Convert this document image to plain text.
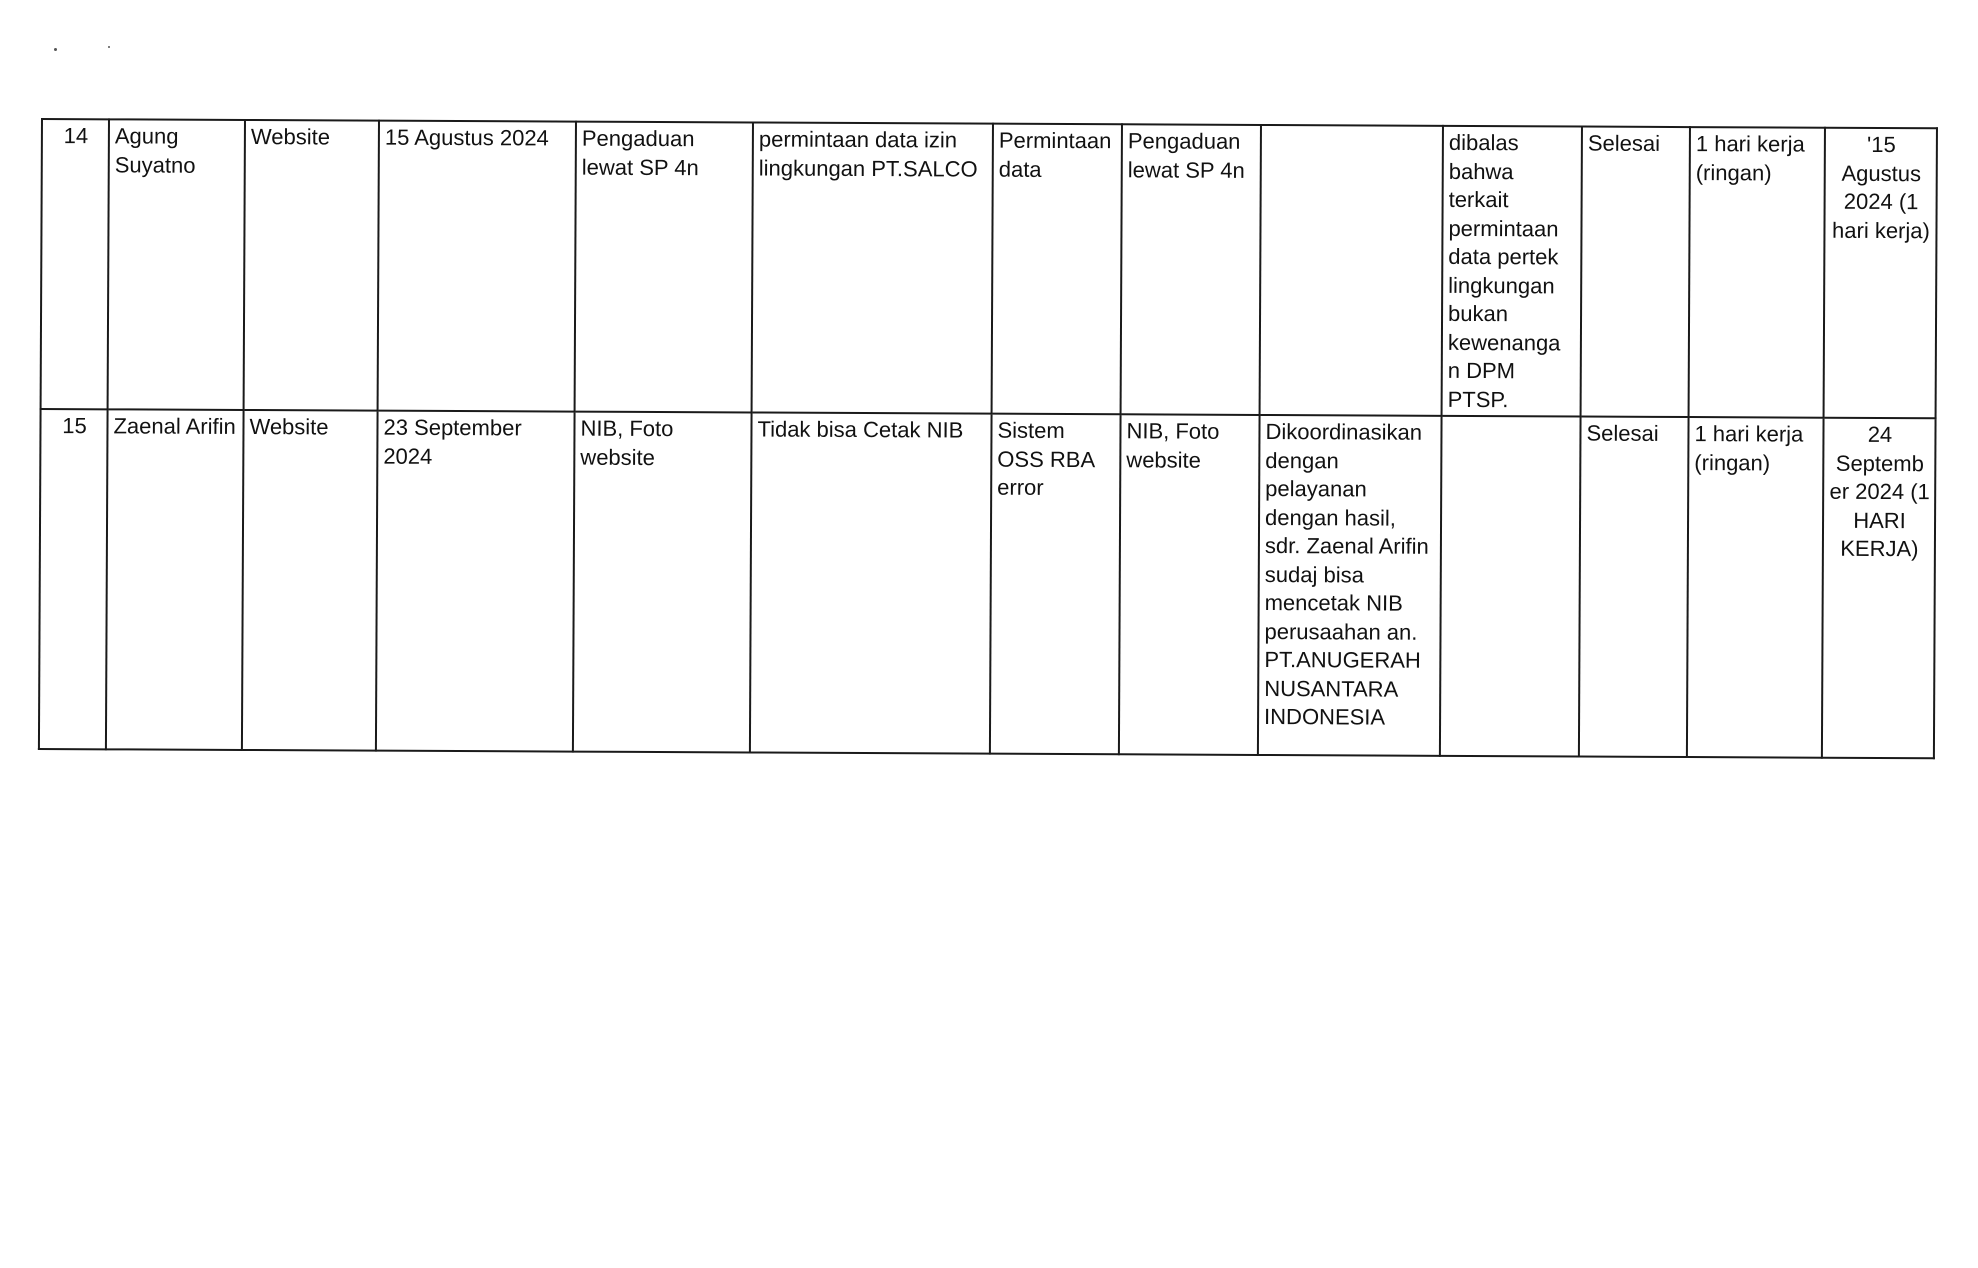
14	Agung Suyatno	Website	15 Agustus 2024	Pengaduan lewat SP 4n	permintaan data izin lingkungan PT.SALCO	Permintaan data	Pengaduan lewat SP 4n		dibalas bahwa terkait permintaan data pertek lingkungan bukan kewenanga n DPM PTSP.	Selesai	1 hari kerja (ringan)	'15 Agustus 2024 (1 hari kerja)
15	Zaenal Arifin	Website	23 September 2024	NIB, Foto website	Tidak bisa Cetak NIB	Sistem OSS RBA error	NIB, Foto website	Dikoordinasikan dengan pelayanan dengan hasil, sdr. Zaenal Arifin sudaj bisa mencetak NIB perusaahan an. PT.ANUGERAH NUSANTARA INDONESIA		Selesai	1 hari kerja (ringan)	24 Septemb er 2024 (1 HARI KERJA)
